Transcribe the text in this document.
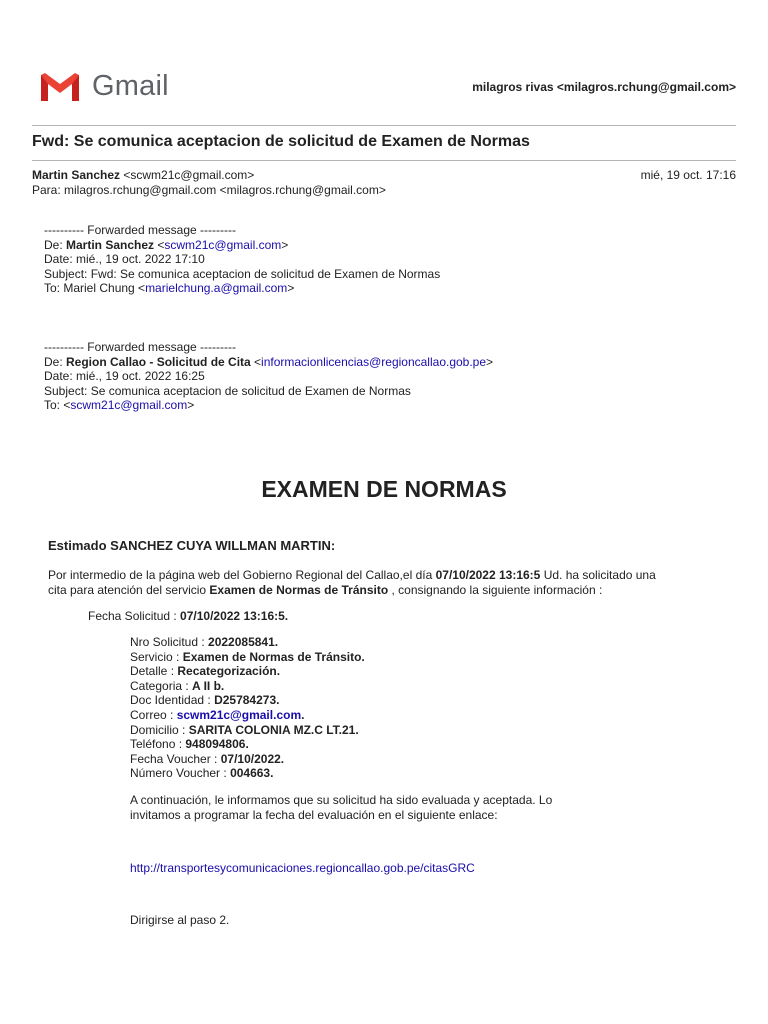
Gmail	milagros rivas <milagros.rchung@gmail.com>
Fwd: Se comunica aceptacion de solicitud de Examen de Normas
Martin Sanchez <scwm21c@gmail.com>	mié, 19 oct. 17:16
Para: milagros.rchung@gmail.com <milagros.rchung@gmail.com>
---------- Forwarded message ---------
De: Martin Sanchez <scwm21c@gmail.com>
Date: mié., 19 oct. 2022 17:10
Subject: Fwd: Se comunica aceptacion de solicitud de Examen de Normas
To: Mariel Chung <marielchung.a@gmail.com>
---------- Forwarded message ---------
De: Region Callao - Solicitud de Cita <informacionlicencias@regioncallao.gob.pe>
Date: mié., 19 oct. 2022 16:25
Subject: Se comunica aceptacion de solicitud de Examen de Normas
To: <scwm21c@gmail.com>
EXAMEN DE NORMAS
Estimado SANCHEZ CUYA WILLMAN MARTIN:
Por intermedio de la página web del Gobierno Regional del Callao,el día 07/10/2022 13:16:5 Ud. ha solicitado una
cita para atención del servicio Examen de Normas de Tránsito , consignando la siguiente información :
Fecha Solicitud : 07/10/2022 13:16:5.
Nro Solicitud : 2022085841.
Servicio : Examen de Normas de Tránsito.
Detalle : Recategorización.
Categoria : A II b.
Doc Identidad : D25784273.
Correo : scwm21c@gmail.com.
Domicilio : SARITA COLONIA MZ.C LT.21.
Teléfono : 948094806.
Fecha Voucher : 07/10/2022.
Número Voucher : 004663.
A continuación, le informamos que su solicitud ha sido evaluada y aceptada. Lo
invitamos a programar la fecha del evaluación en el siguiente enlace:
http://transportesycomunicaciones.regioncallao.gob.pe/citasGRC
Dirigirse al paso 2.
